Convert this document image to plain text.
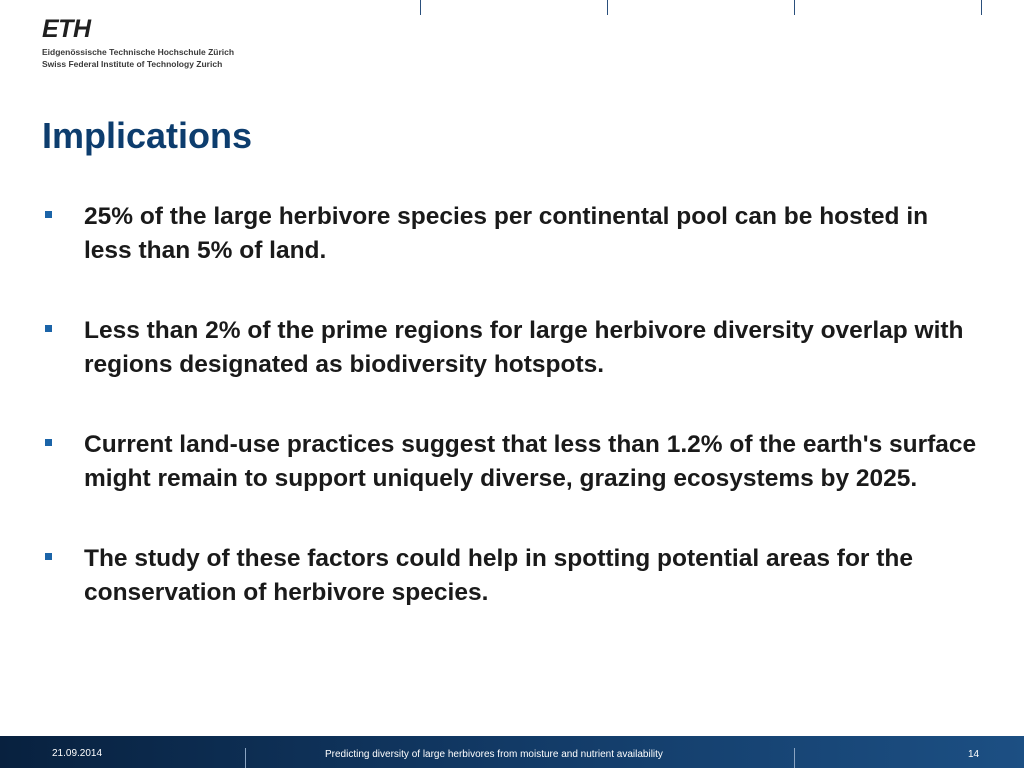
ETH
Eidgenössische Technische Hochschule Zürich
Swiss Federal Institute of Technology Zurich
Implications
25% of the large herbivore species per continental pool can be hosted in less than 5% of land.
Less than 2% of the prime regions for large herbivore diversity overlap with regions designated as biodiversity hotspots.
Current land-use practices suggest that less than 1.2% of the earth's surface might remain to support uniquely diverse, grazing ecosystems by 2025.
The study of these factors could help in spotting potential areas for the conservation of herbivore species.
21.09.2014	Predicting diversity of large herbivores from moisture and nutrient availability	14
